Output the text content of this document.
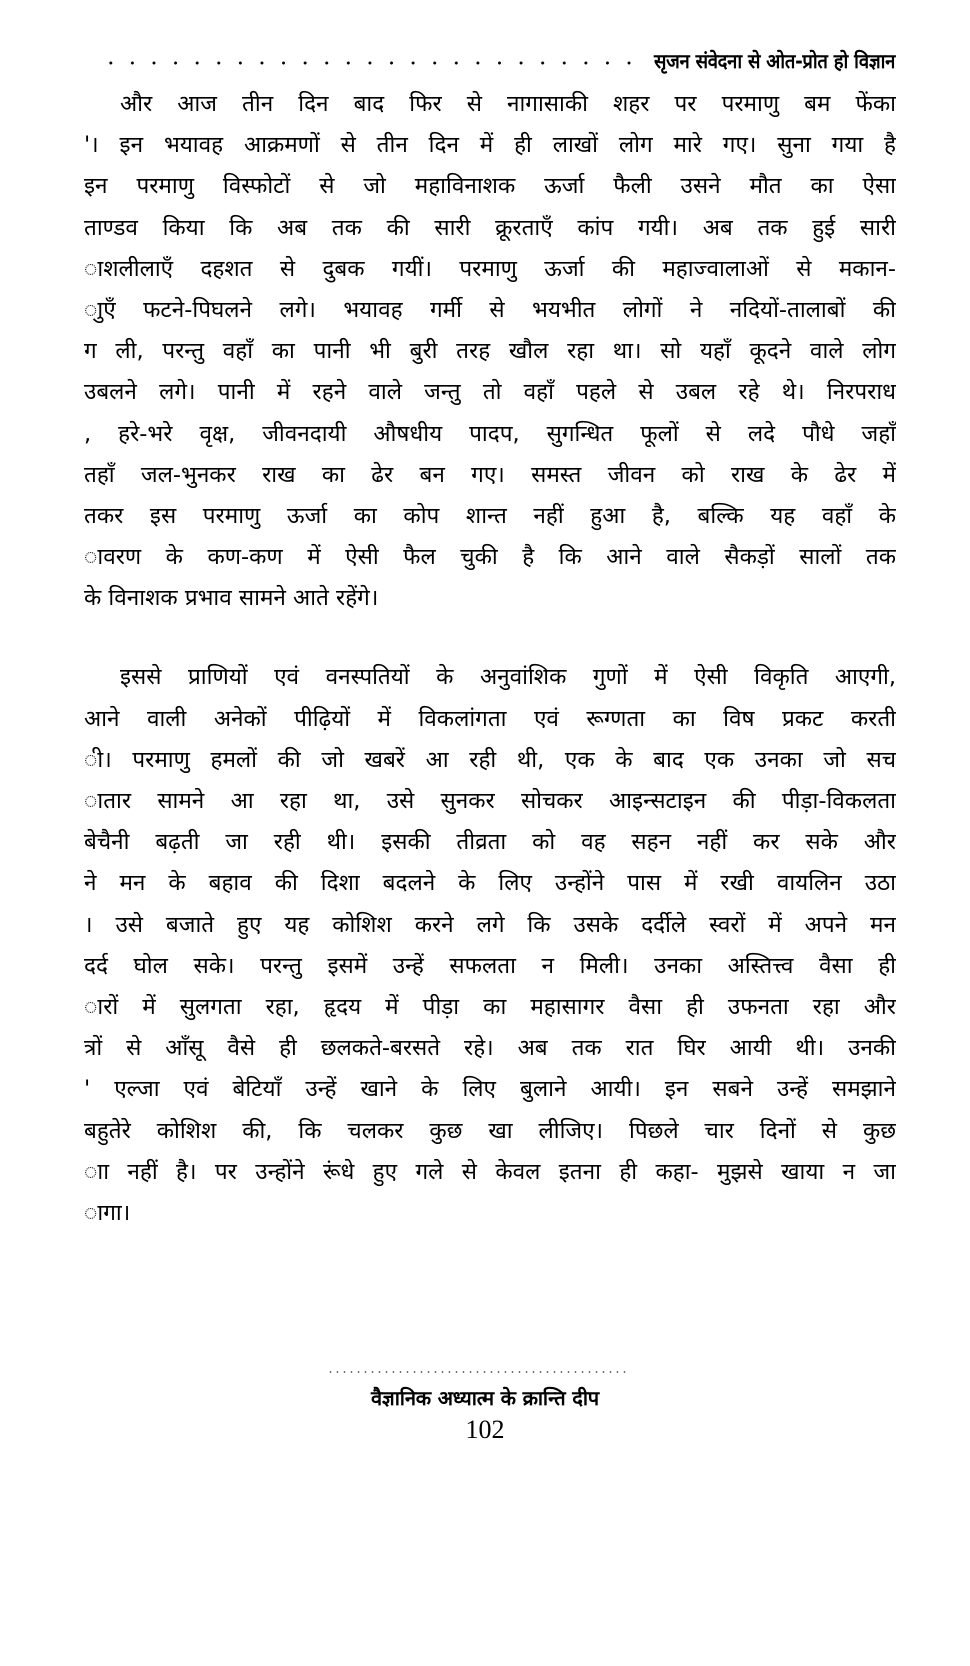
सृजन संवेदना से ओत-प्रोत हो विज्ञान
और आज तीन दिन बाद फिर से नागासाकी शहर पर परमाणु बम फेंका
'। इन भयावह आक्रमणों से तीन दिन में ही लाखों लोग मारे गए। सुना गया है
इन परमाणु विस्फोटों से जो महाविनाशक ऊर्जा फैली उसने मौत का ऐसा
ताण्डव किया कि अब तक की सारी क्रूरताएँ कांप गयी। अब तक हुई सारी
ाशलीलाएँ दहशत से दुबक गयीं। परमाणु ऊर्जा की महाज्वालाओं से मकान-
ाुएँ फटने-पिघलने लगे। भयावह गर्मी से भयभीत लोगों ने नदियों-तालाबों की
ग ली, परन्तु वहाँ का पानी भी बुरी तरह खौल रहा था। सो यहाँ कूदने वाले लोग
उबलने लगे। पानी में रहने वाले जन्तु तो वहाँ पहले से उबल रहे थे। निरपराध
, हरे-भरे वृक्ष, जीवनदायी औषधीय पादप, सुगन्धित फूलों से लदे पौधे जहाँ
तहाँ जल-भुनकर राख का ढेर बन गए। समस्त जीवन को राख के ढेर में
तकर इस परमाणु ऊर्जा का कोप शान्त नहीं हुआ है, बल्कि यह वहाँ के
ावरण के कण-कण में ऐसी फैल चुकी है कि आने वाले सैकड़ों सालों तक
के विनाशक प्रभाव सामने आते रहेंगे।
इससे प्राणियों एवं वनस्पतियों के अनुवांशिक गुणों में ऐसी विकृति आएगी,
आने वाली अनेकों पीढ़ियों में विकलांगता एवं रूग्णता का विष प्रकट करती
ी। परमाणु हमलों की जो खबरें आ रही थी, एक के बाद एक उनका जो सच
ातार सामने आ रहा था, उसे सुनकर सोचकर आइन्सटाइन की पीड़ा-विकलता
बेचैनी बढ़ती जा रही थी। इसकी तीव्रता को वह सहन नहीं कर सके और
ने मन के बहाव की दिशा बदलने के लिए उन्होंने पास में रखी वायलिन उठा
। उसे बजाते हुए यह कोशिश करने लगे कि उसके दर्दीले स्वरों में अपने मन
दर्द घोल सके। परन्तु इसमें उन्हें सफलता न मिली। उनका अस्तित्त्व वैसा ही
ारों में सुलगता रहा, हृदय में पीड़ा का महासागर वैसा ही उफनता रहा और
त्रों से आँसू वैसे ही छलकते-बरसते रहे। अब तक रात घिर आयी थी। उनकी
' एल्जा एवं बेटियाँ उन्हें खाने के लिए बुलाने आयी। इन सबने उन्हें समझाने
बहुतेरे कोशिश की, कि चलकर कुछ खा लीजिए। पिछले चार दिनों से कुछ
ाा नहीं है। पर उन्होंने रूंधे हुए गले से केवल इतना ही कहा- मुझसे खाया न जा
ागा।
वैज्ञानिक अध्यात्म के क्रान्ति दीप
102
